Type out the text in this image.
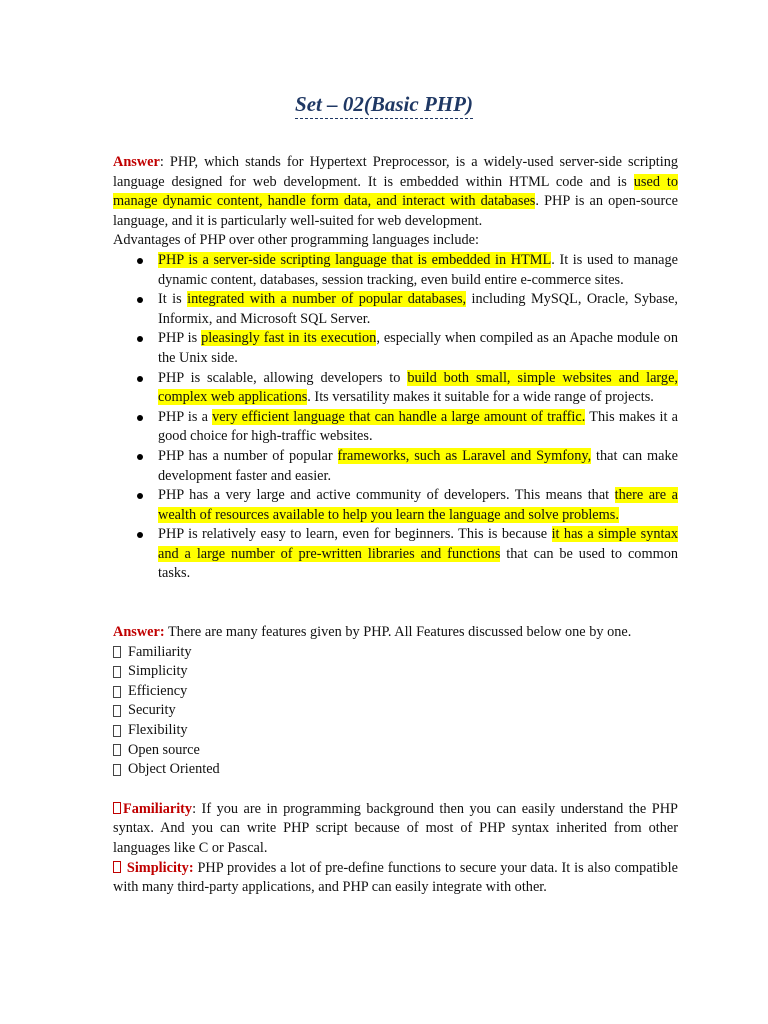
Set – 02(Basic PHP)

Answer: PHP, which stands for Hypertext Preprocessor, is a widely-used server-side scripting language designed for web development. It is embedded within HTML code and is used to manage dynamic content, handle form data, and interact with databases. PHP is an open-source language, and it is particularly well-suited for web development.

Advantages of PHP over other programming languages include:

PHP is a server-side scripting language that is embedded in HTML. It is used to manage dynamic content, databases, session tracking, even build entire e-commerce sites.
It is integrated with a number of popular databases, including MySQL, Oracle, Sybase, Informix, and Microsoft SQL Server.
PHP is pleasingly fast in its execution, especially when compiled as an Apache module on the Unix side.
PHP is scalable, allowing developers to build both small, simple websites and large, complex web applications. Its versatility makes it suitable for a wide range of projects.
PHP is a very efficient language that can handle a large amount of traffic. This makes it a good choice for high-traffic websites.
PHP has a number of popular frameworks, such as Laravel and Symfony, that can make development faster and easier.
PHP has a very large and active community of developers. This means that there are a wealth of resources available to help you learn the language and solve problems.
PHP is relatively easy to learn, even for beginners. This is because it has a simple syntax and a large number of pre-written libraries and functions that can be used to common tasks.

Answer: There are many features given by PHP. All Features discussed below one by one.

Familiarity
Simplicity
Efficiency
Security
Flexibility
Open source
Object Oriented

Familiarity: If you are in programming background then you can easily understand the PHP syntax. And you can write PHP script because of most of PHP syntax inherited from other languages like C or Pascal.

Simplicity: PHP provides a lot of pre-define functions to secure your data. It is also compatible with many third-party applications, and PHP can easily integrate with other.
